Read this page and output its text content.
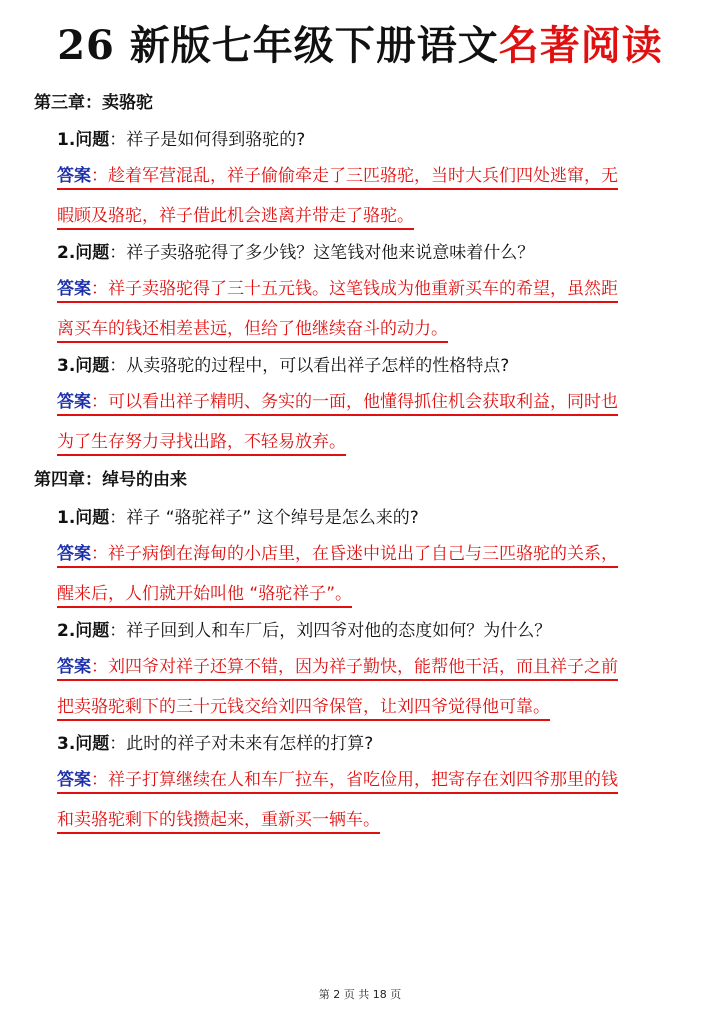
26 新版七年级下册语文名著阅读
第三章：卖骆驼
1.问题：祥子是如何得到骆驼的?
答案：趁着军营混乱，祥子偷偷牵走了三匹骆驼，当时大兵们四处逃窜，无
暇顾及骆驼，祥子借此机会逃离并带走了骆驼。
2.问题：祥子卖骆驼得了多少钱？这笔钱对他来说意味着什么？
答案：祥子卖骆驼得了三十五元钱。这笔钱成为他重新买车的希望，虽然距
离买车的钱还相差甚远，但给了他继续奋斗的动力。
3.问题：从卖骆驼的过程中，可以看出祥子怎样的性格特点?
答案：可以看出祥子精明、务实的一面，他懂得抓住机会获取利益，同时也
为了生存努力寻找出路，不轻易放弃。
第四章：绰号的由来
1.问题：祥子 “骆驼祥子” 这个绰号是怎么来的?
答案：祥子病倒在海甸的小店里，在昏迷中说出了自己与三匹骆驼的关系，
醒来后，人们就开始叫他 “骆驼祥子”。
2.问题：祥子回到人和车厂后，刘四爷对他的态度如何？为什么？
答案：刘四爷对祥子还算不错，因为祥子勤快，能帮他干活，而且祥子之前
把卖骆驼剩下的三十元钱交给刘四爷保管，让刘四爷觉得他可靠。
3.问题：此时的祥子对未来有怎样的打算?
答案：祥子打算继续在人和车厂拉车，省吃俭用，把寄存在刘四爷那里的钱
和卖骆驼剩下的钱攒起来，重新买一辆车。
第 2 页 共 18 页
